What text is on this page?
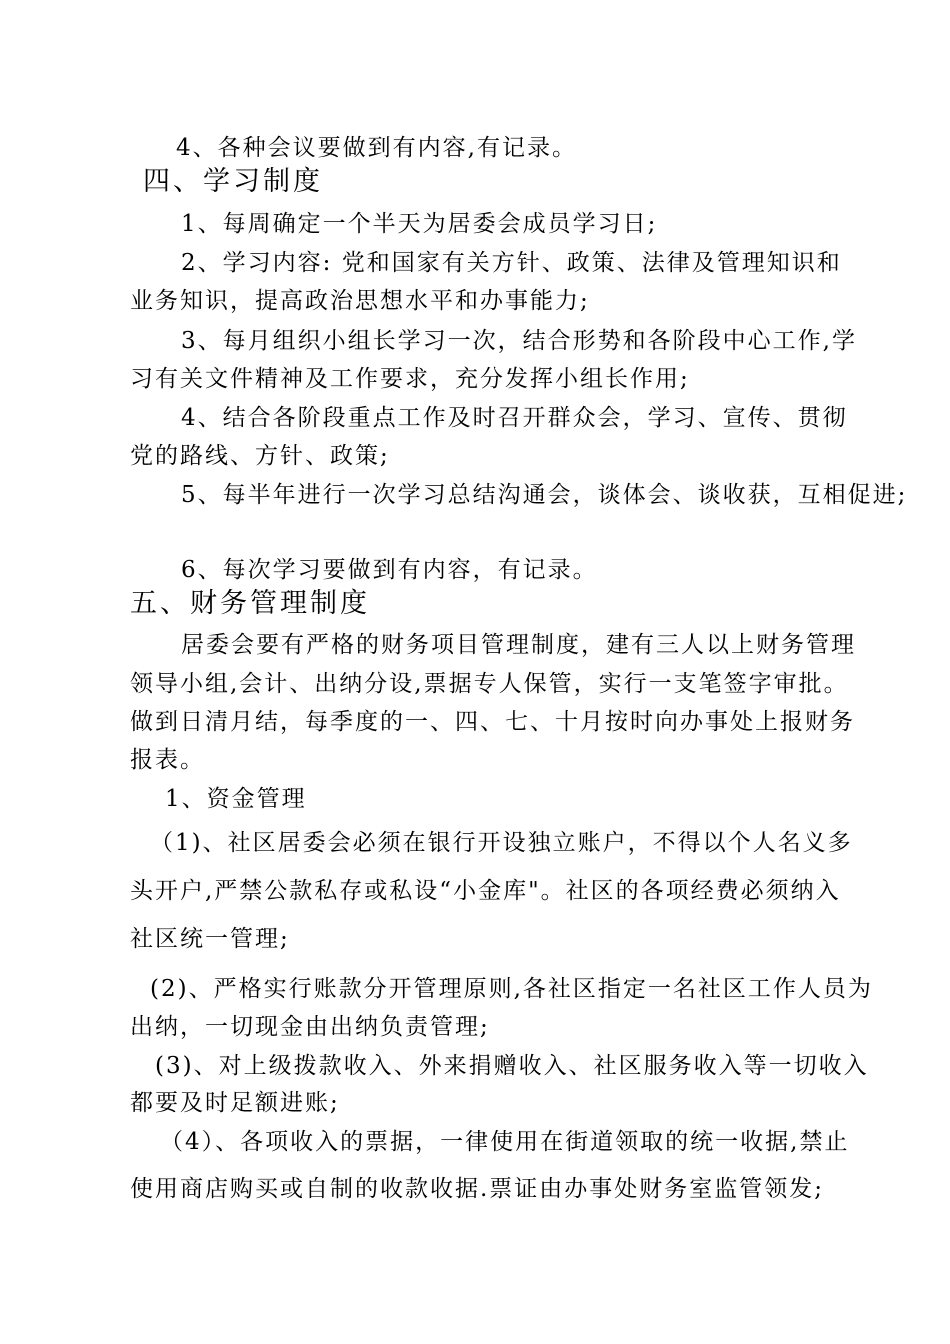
4、各种会议要做到有内容,有记录。
四、学习制度
1、每周确定一个半天为居委会成员学习日;
2、学习内容: 党和国家有关方针、政策、法律及管理知识和
业务知识，提高政治思想水平和办事能力;
3、每月组织小组长学习一次，结合形势和各阶段中心工作,学
习有关文件精神及工作要求，充分发挥小组长作用;
4、结合各阶段重点工作及时召开群众会，学习、宣传、贯彻
党的路线、方针、政策;
5、每半年进行一次学习总结沟通会，谈体会、谈收获，互相促进;
6、每次学习要做到有内容，有记录。
五、财务管理制度
居委会要有严格的财务项目管理制度，建有三人以上财务管理
领导小组,会计、出纳分设,票据专人保管，实行一支笔签字审批。
做到日清月结，每季度的一、四、七、十月按时向办事处上报财务
报表。
1、资金管理
（1)、社区居委会必须在银行开设独立账户，不得以个人名义多
头开户,严禁公款私存或私设“小金库"。社区的各项经费必须纳入
社区统一管理;
(2)、严格实行账款分开管理原则,各社区指定一名社区工作人员为
出纳，一切现金由出纳负责管理;
(3)、对上级拨款收入、外来捐赠收入、社区服务收入等一切收入
都要及时足额进账;
（4）、各项收入的票据，一律使用在街道领取的统一收据,禁止
使用商店购买或自制的收款收据.票证由办事处财务室监管领发;
